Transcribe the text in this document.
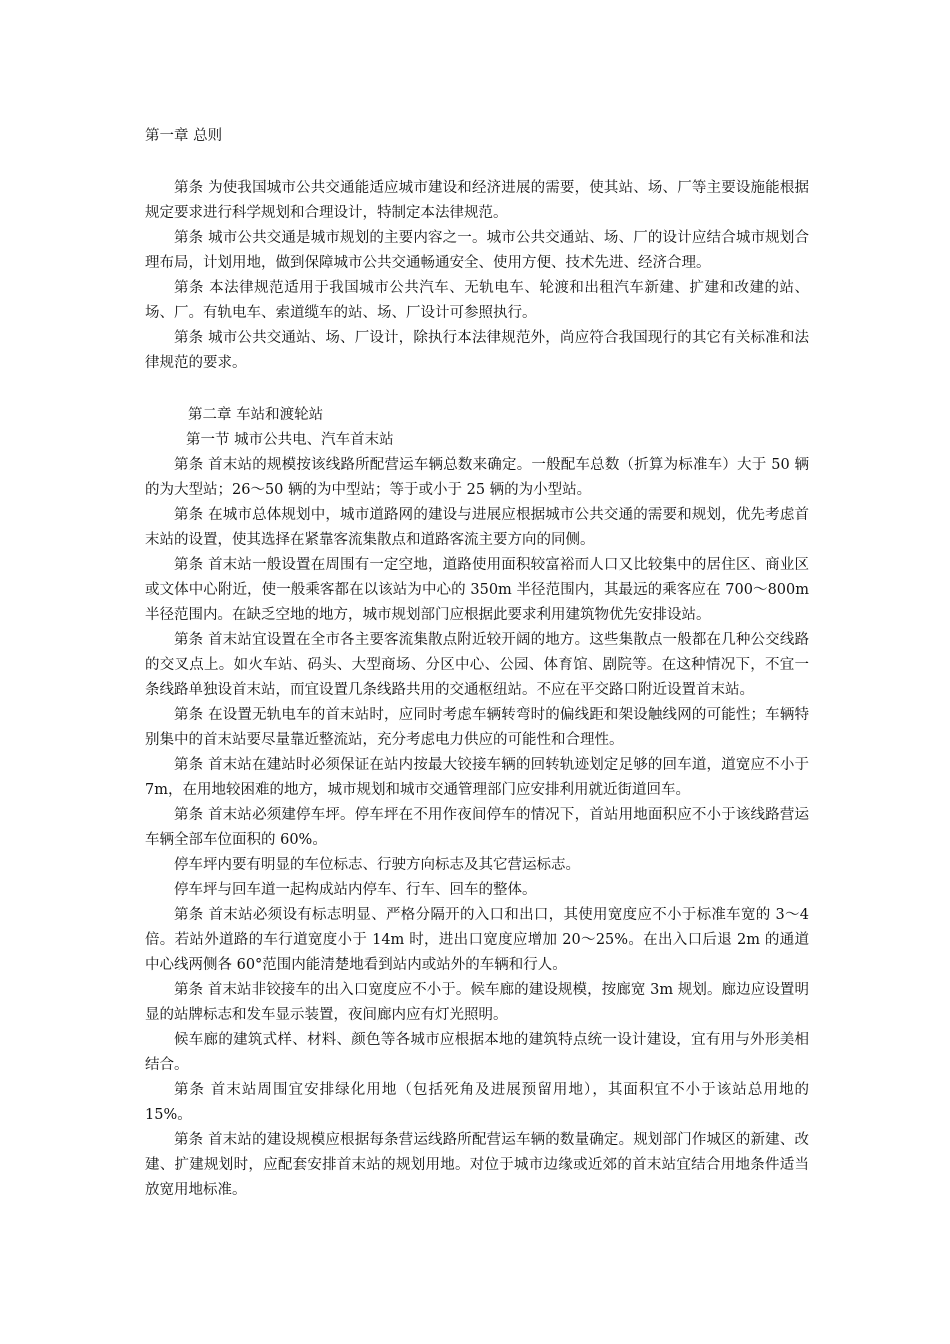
第一章 总则

第条 为使我国城市公共交通能适应城市建设和经济进展的需要，使其站、场、厂等主要设施能根据规定要求进行科学规划和合理设计，特制定本法律规范。

第条 城市公共交通是城市规划的主要内容之一。城市公共交通站、场、厂的设计应结合城市规划合理布局，计划用地，做到保障城市公共交通畅通安全、使用方便、技术先进、经济合理。

第条 本法律规范适用于我国城市公共汽车、无轨电车、轮渡和出租汽车新建、扩建和改建的站、场、厂。有轨电车、索道缆车的站、场、厂设计可参照执行。

第条 城市公共交通站、场、厂设计，除执行本法律规范外，尚应符合我国现行的其它有关标准和法律规范的要求。

第二章 车站和渡轮站
第一节 城市公共电、汽车首末站

第条 首末站的规模按该线路所配营运车辆总数来确定。一般配车总数（折算为标准车）大于 50 辆的为大型站；26～50 辆的为中型站；等于或小于 25 辆的为小型站。

第条 在城市总体规划中，城市道路网的建设与进展应根据城市公共交通的需要和规划，优先考虑首末站的设置，使其选择在紧靠客流集散点和道路客流主要方向的同侧。

第条 首末站一般设置在周围有一定空地，道路使用面积较富裕而人口又比较集中的居住区、商业区或文体中心附近，使一般乘客都在以该站为中心的 350m 半径范围内，其最远的乘客应在 700～800m 半径范围内。在缺乏空地的地方，城市规划部门应根据此要求利用建筑物优先安排设站。

第条 首末站宜设置在全市各主要客流集散点附近较开阔的地方。这些集散点一般都在几种公交线路的交叉点上。如火车站、码头、大型商场、分区中心、公园、体育馆、剧院等。在这种情况下，不宜一条线路单独设首末站，而宜设置几条线路共用的交通枢纽站。不应在平交路口附近设置首末站。

第条 在设置无轨电车的首末站时，应同时考虑车辆转弯时的偏线距和架设触线网的可能性；车辆特别集中的首末站要尽量靠近整流站，充分考虑电力供应的可能性和合理性。

第条 首末站在建站时必须保证在站内按最大铰接车辆的回转轨迹划定足够的回车道，道宽应不小于 7m，在用地较困难的地方，城市规划和城市交通管理部门应安排利用就近街道回车。

第条 首末站必须建停车坪。停车坪在不用作夜间停车的情况下，首站用地面积应不小于该线路营运车辆全部车位面积的 60%。

停车坪内要有明显的车位标志、行驶方向标志及其它营运标志。

停车坪与回车道一起构成站内停车、行车、回车的整体。

第条 首末站必须设有标志明显、严格分隔开的入口和出口，其使用宽度应不小于标准车宽的 3～4 倍。若站外道路的车行道宽度小于 14m 时，进出口宽度应增加 20～25%。在出入口后退 2m 的通道中心线两侧各 60°范围内能清楚地看到站内或站外的车辆和行人。

第条 首末站非铰接车的出入口宽度应不小于。候车廊的建设规模，按廊宽 3m 规划。廊边应设置明显的站牌标志和发车显示装置，夜间廊内应有灯光照明。

候车廊的建筑式样、材料、颜色等各城市应根据本地的建筑特点统一设计建设，宜有用与外形美相结合。

第条 首末站周围宜安排绿化用地（包括死角及进展预留用地），其面积宜不小于该站总用地的 15%。

第条 首末站的建设规模应根据每条营运线路所配营运车辆的数量确定。规划部门作城区的新建、改建、扩建规划时，应配套安排首末站的规划用地。对位于城市边缘或近郊的首末站宜结合用地条件适当放宽用地标准。
